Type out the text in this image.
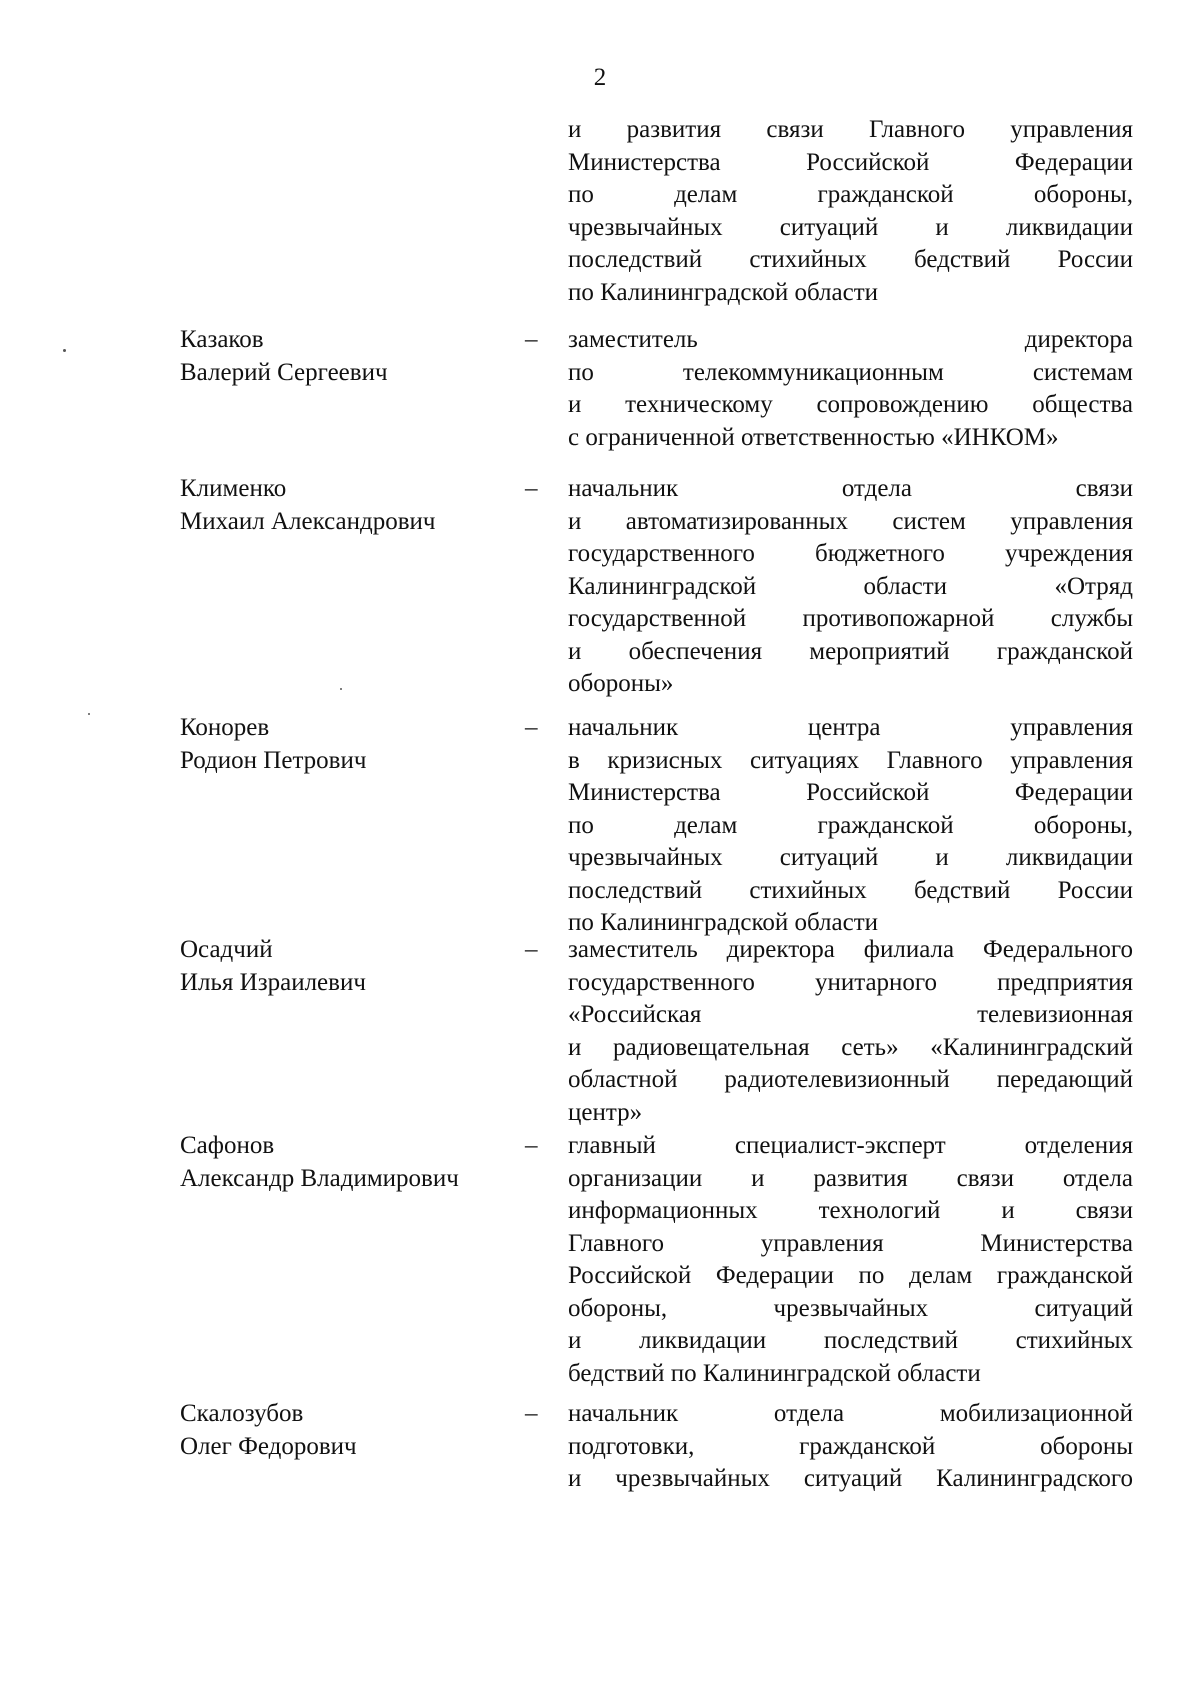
2
и развития связи Главного управления
Министерства Российской Федерации
по делам гражданской обороны,
чрезвычайных ситуаций и ликвидации
последствий стихийных бедствий России
по Калининградской области
Казаков
Валерий Сергеевич
–	заместитель директора
по телекоммуникационным системам
и техническому сопровождению общества
с ограниченной ответственностью «ИНКОМ»
Клименко
Михаил Александрович
–	начальник отдела связи
и автоматизированных систем управления
государственного бюджетного учреждения
Калининградской области «Отряд
государственной противопожарной службы
и обеспечения мероприятий гражданской
обороны»
Конорев
Родион Петрович
–	начальник центра управления
в кризисных ситуациях Главного управления
Министерства Российской Федерации
по делам гражданской обороны,
чрезвычайных ситуаций и ликвидации
последствий стихийных бедствий России
по Калининградской области
Осадчий
Илья Израилевич
–	заместитель директора филиала Федерального
государственного унитарного предприятия
«Российская телевизионная
и радиовещательная сеть» «Калининградский
областной радиотелевизионный передающий
центр»
Сафонов
Александр Владимирович
–	главный специалист-эксперт отделения
организации и развития связи отдела
информационных технологий и связи
Главного управления Министерства
Российской Федерации по делам гражданской
обороны, чрезвычайных ситуаций
и ликвидации последствий стихийных
бедствий по Калининградской области
Скалозубов
Олег Федорович
–	начальник отдела мобилизационной
подготовки, гражданской обороны
и чрезвычайных ситуаций Калининградского
